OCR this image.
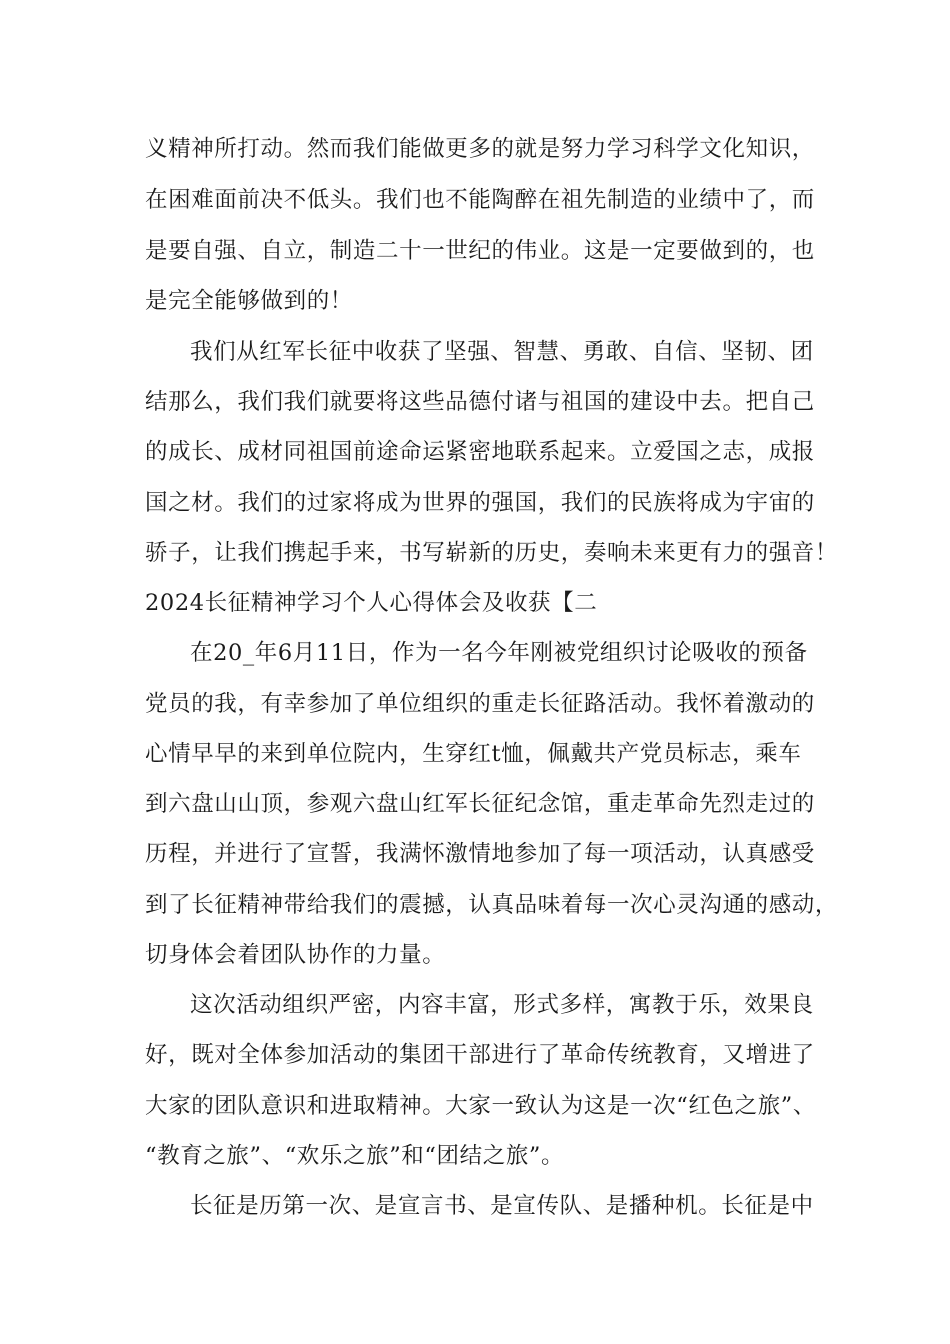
义精神所打动。然而我们能做更多的就是努力学习科学文化知识，
在困难面前决不低头。我们也不能陶醉在祖先制造的业绩中了，而
是要自强、自立，制造二十一世纪的伟业。这是一定要做到的，也
是完全能够做到的！
我们从红军长征中收获了坚强、智慧、勇敢、自信、坚韧、团
结那么，我们我们就要将这些品德付诸与祖国的建设中去。把自己
的成长、成材同祖国前途命运紧密地联系起来。立爱国之志，成报
国之材。我们的过家将成为世界的强国，我们的民族将成为宇宙的
骄子，让我们携起手来，书写崭新的历史，奏响未来更有力的强音！
2024长征精神学习个人心得体会及收获【二
在20_年6月11日，作为一名今年刚被党组织讨论吸收的预备
党员的我，有幸参加了单位组织的重走长征路活动。我怀着激动的
心情早早的来到单位院内，生穿红t恤，佩戴共产党员标志，乘车
到六盘山山顶，参观六盘山红军长征纪念馆，重走革命先烈走过的
历程，并进行了宣誓，我满怀激情地参加了每一项活动，认真感受
到了长征精神带给我们的震撼，认真品味着每一次心灵沟通的感动，
切身体会着团队协作的力量。
这次活动组织严密，内容丰富，形式多样，寓教于乐，效果良
好，既对全体参加活动的集团干部进行了革命传统教育，又增进了
大家的团队意识和进取精神。大家一致认为这是一次“红色之旅”、
“教育之旅”、“欢乐之旅”和“团结之旅”。
长征是历第一次、是宣言书、是宣传队、是播种机。长征是中
